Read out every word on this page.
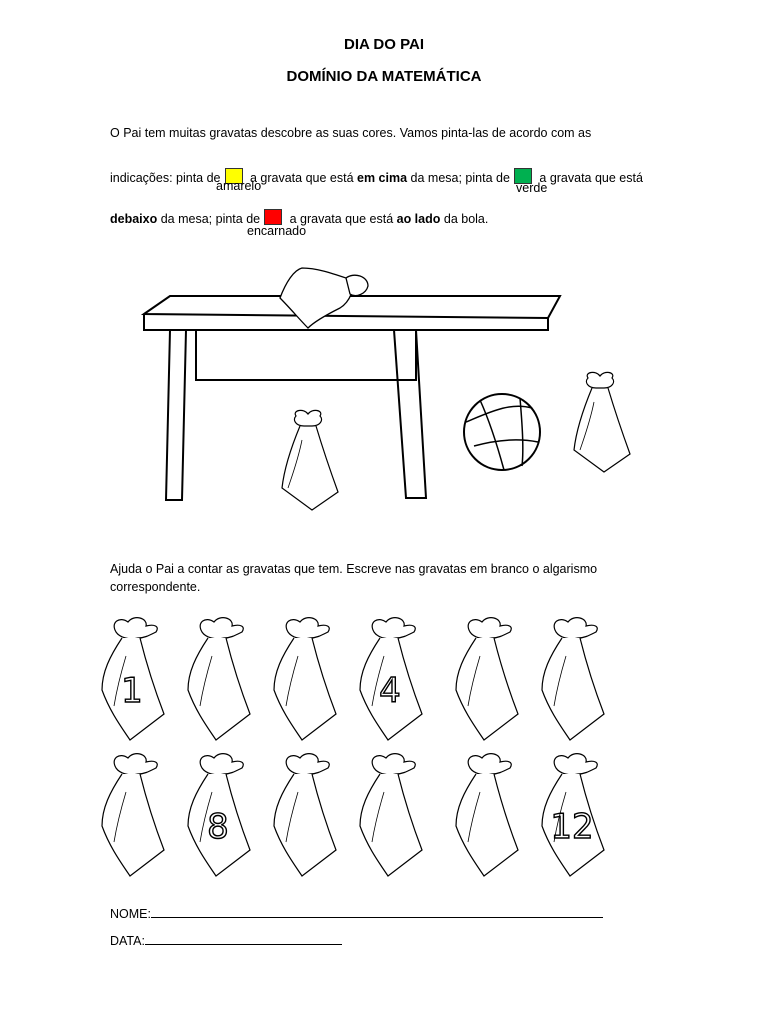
DIA DO PAI
DOMÍNIO DA MATEMÁTICA
O Pai tem muitas gravatas descobre as suas cores. Vamos pinta-las de acordo com as
indicações: pinta de a gravata que está em cima da mesa; pinta de a gravata que está
amarelo	verde
debaixo da mesa; pinta de a gravata que está ao lado da bola.
encarnado
Ajuda o Pai a contar as gravatas que tem. Escreve nas gravatas em branco o algarismo correspondente.
1	4
8	12
NOME:
DATA:
